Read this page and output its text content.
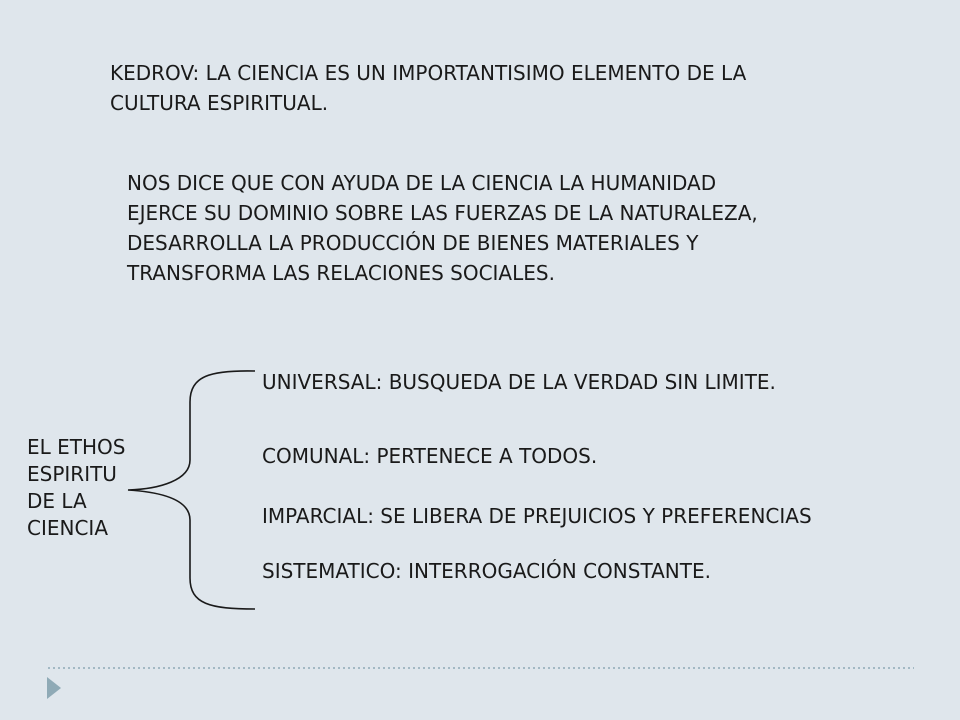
KEDROV: LA CIENCIA ES UN IMPORTANTISIMO ELEMENTO DE LA
CULTURA ESPIRITUAL.
NOS DICE QUE CON AYUDA DE LA CIENCIA LA HUMANIDAD
EJERCE SU DOMINIO SOBRE LAS FUERZAS DE LA NATURALEZA,
DESARROLLA LA PRODUCCIÓN DE BIENES MATERIALES Y
TRANSFORMA LAS RELACIONES SOCIALES.
EL ETHOS
ESPIRITU
DE LA
CIENCIA
UNIVERSAL: BUSQUEDA DE LA VERDAD SIN LIMITE.
COMUNAL: PERTENECE A TODOS.
IMPARCIAL: SE LIBERA DE PREJUICIOS Y PREFERENCIAS
SISTEMATICO: INTERROGACIÓN CONSTANTE.
